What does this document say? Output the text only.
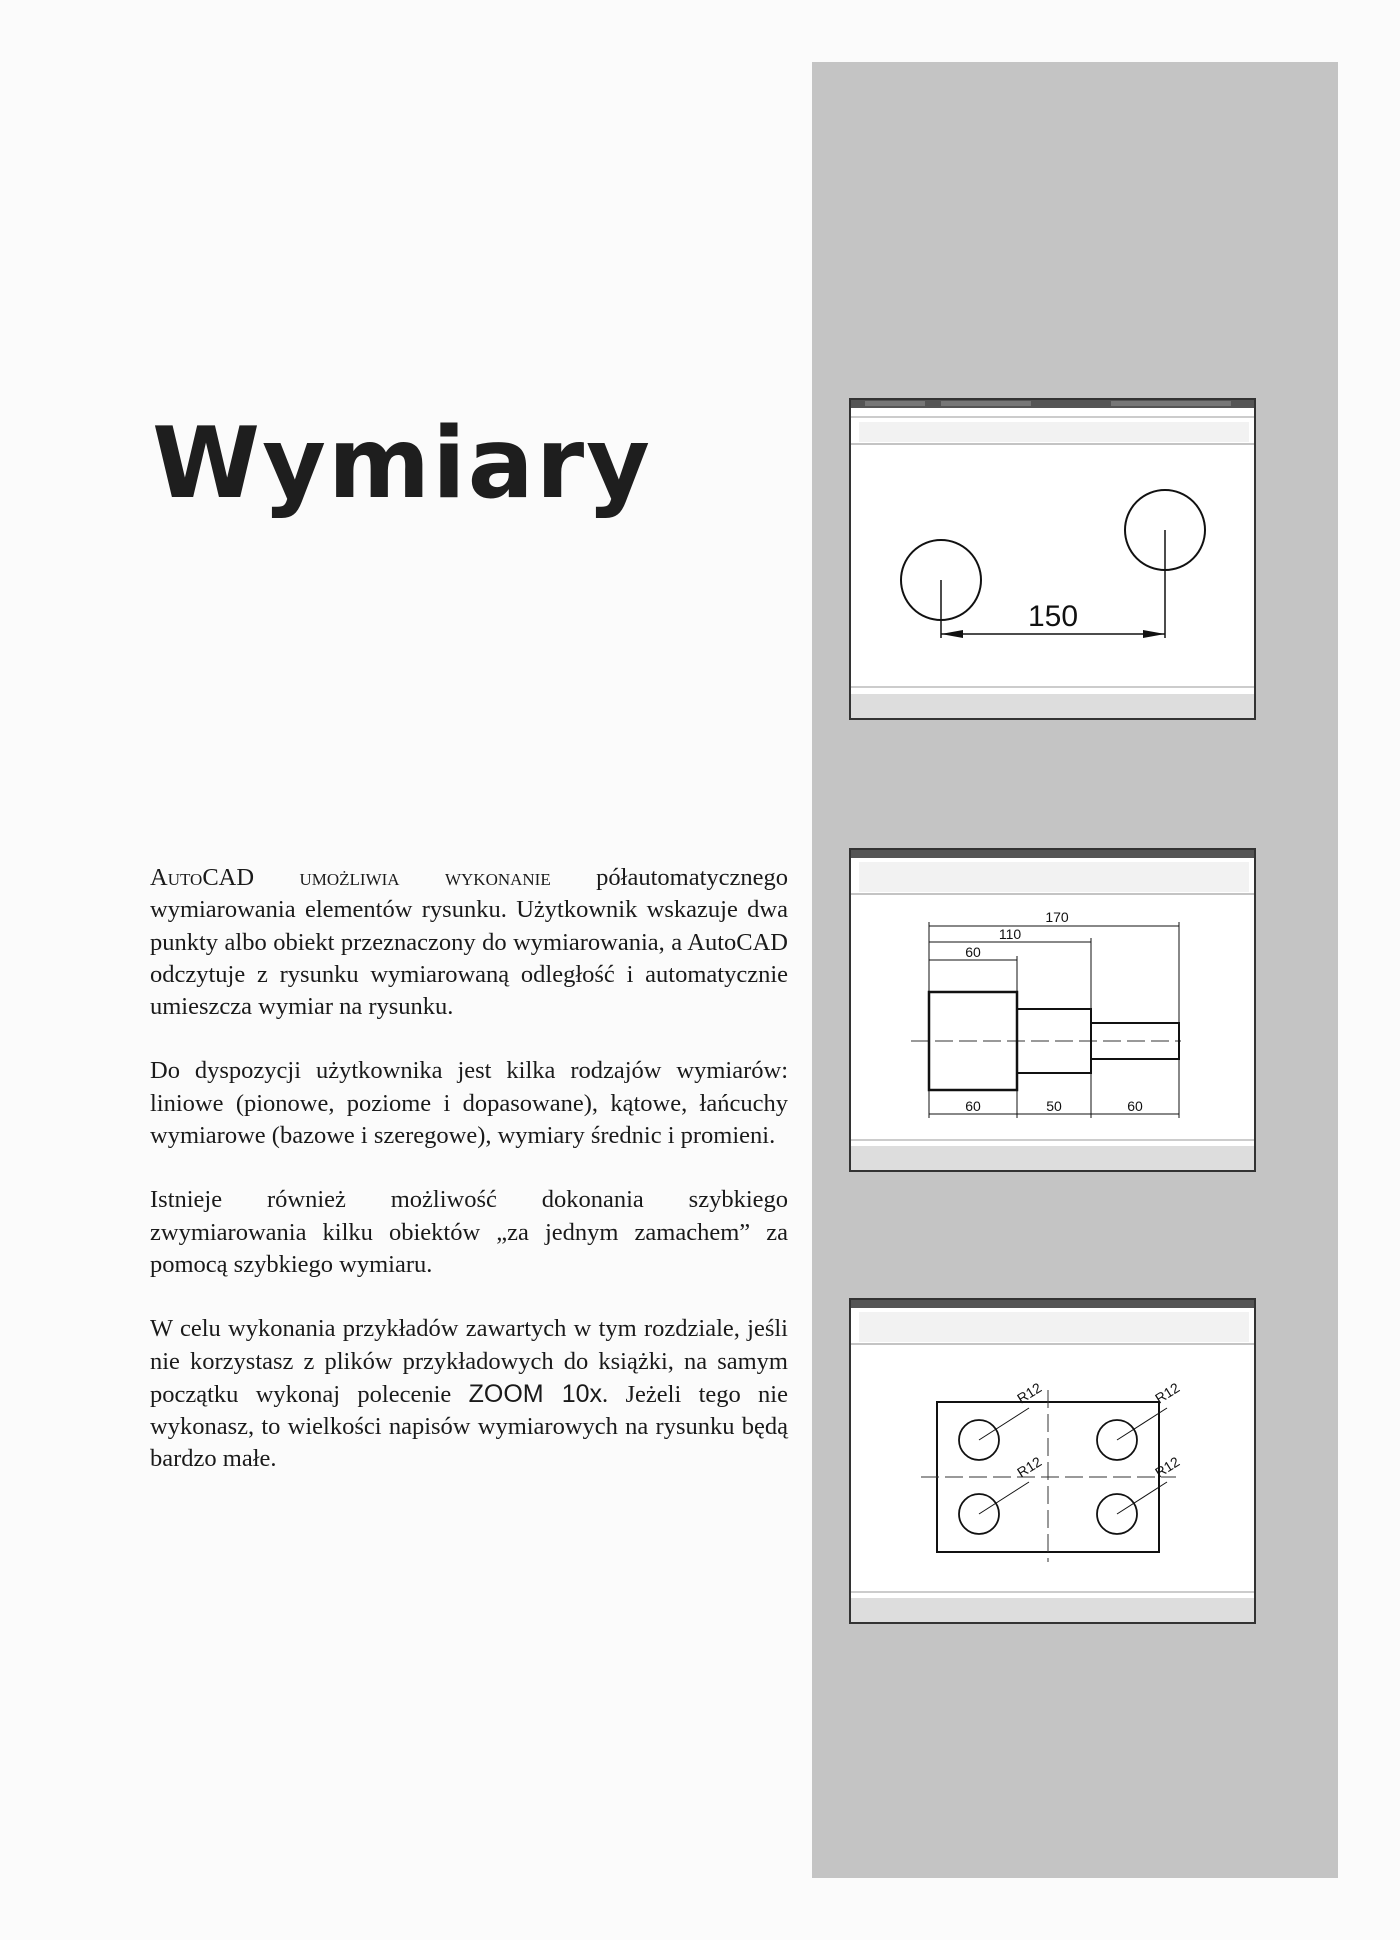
Wymiary

AutoCAD umożliwia wykonanie półautomatycznego wymiarowania elementów rysunku. Użytkownik wskazuje dwa punkty albo obiekt przeznaczony do wymiarowania, a AutoCAD odczytuje z rysunku wymiarowaną odległość i automatycznie umieszcza wymiar na rysunku.

Do dyspozycji użytkownika jest kilka rodzajów wymiarów: liniowe (pionowe, poziome i dopasowane), kątowe, łańcuchy wymiarowe (bazowe i szeregowe), wymiary średnic i promieni.

Istnieje również możliwość dokonania szybkiego zwymiarowania kilku obiektów „za jednym zamachem” za pomocą szybkiego wymiaru.

W celu wykonania przykładów zawartych w tym rozdziale, jeśli nie korzystasz z plików przykładowych do książki, na samym początku wykonaj polecenie ZOOM 10x. Jeżeli tego nie wykonasz, to wielkości napisów wymiarowych na rysunku będą bardzo małe.

150
170
110
60
60	50	60
R12	R12
R12	R12
